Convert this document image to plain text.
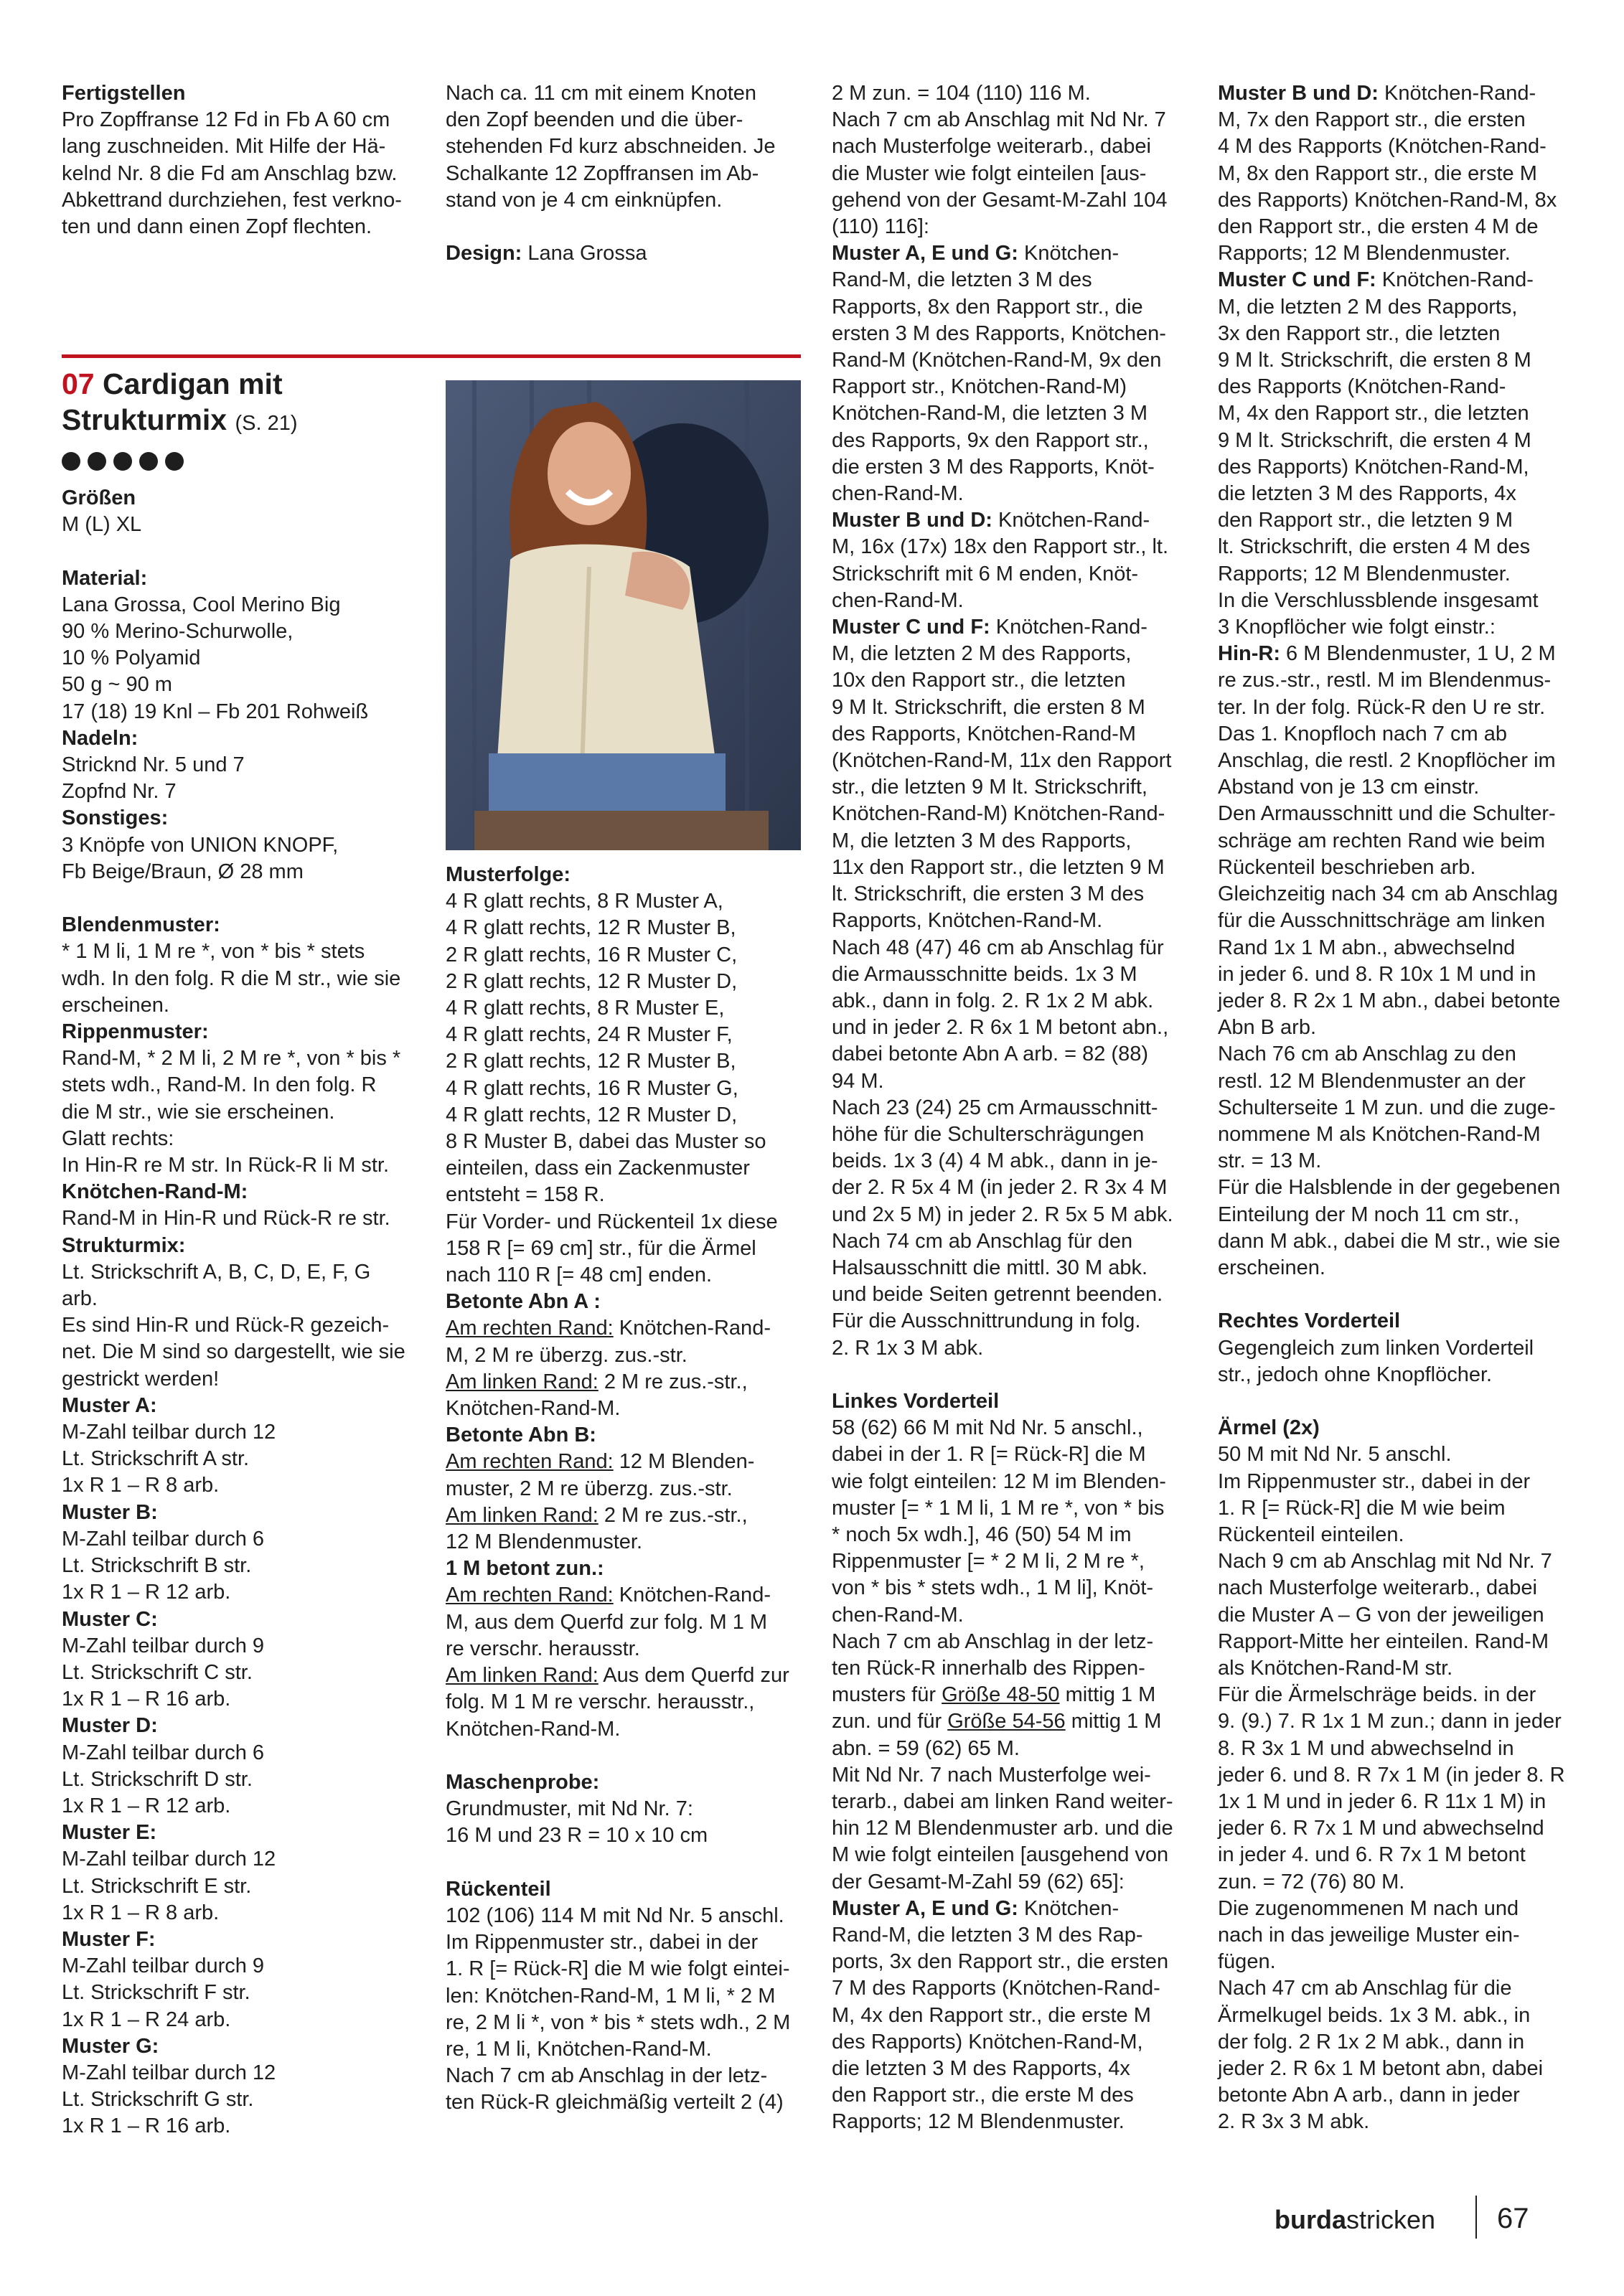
Fertigstellen

Pro Zopffranse 12 Fd in Fb A 60 cm
lang zuschneiden. Mit Hilfe der Hä-
kelnd Nr. 8 die Fd am Anschlag bzw.
Abkettrand durchziehen, fest verkno-
ten und dann einen Zopf flechten.

07 Cardigan mit Strukturmix (S. 21)

Größen

M (L) XL

Material:

Lana Grossa, Cool Merino Big
90 % Merino-Schurwolle,
10 % Polyamid
50 g ~ 90 m
17 (18) 19 Knl – Fb 201 Rohweiß

Nadeln:

Stricknd Nr. 5 und 7
Zopfnd Nr. 7

Sonstiges:

3 Knöpfe von UNION KNOPF,
Fb Beige/Braun, Ø 28 mm

Blendenmuster:

* 1 M li, 1 M re *, von * bis * stets
wdh. In den folg. R die M str., wie sie
erscheinen.

Rippenmuster:

Rand-M, * 2 M li, 2 M re *, von * bis *
stets wdh., Rand-M. In den folg. R
die M str., wie sie erscheinen.
Glatt rechts:
In Hin-R re M str. In Rück-R li M str.

Knötchen-Rand-M:

Rand-M in Hin-R und Rück-R re str.

Strukturmix:

Lt. Strickschrift A, B, C, D, E, F, G
arb.
Es sind Hin-R und Rück-R gezeich-
net. Die M sind so dargestellt, wie sie
gestrickt werden!

Muster A:

M-Zahl teilbar durch 12
Lt. Strickschrift A str.
1x R 1 – R 8 arb.

Muster B:

M-Zahl teilbar durch 6
Lt. Strickschrift B str.
1x R 1 – R 12 arb.

Muster C:

M-Zahl teilbar durch 9
Lt. Strickschrift C str.
1x R 1 – R 16 arb.

Muster D:

M-Zahl teilbar durch 6
Lt. Strickschrift D str.
1x R 1 – R 12 arb.

Muster E:

M-Zahl teilbar durch 12
Lt. Strickschrift E str.
1x R 1 – R 8 arb.

Muster F:

M-Zahl teilbar durch 9
Lt. Strickschrift F str.
1x R 1 – R 24 arb.

Muster G:

M-Zahl teilbar durch 12
Lt. Strickschrift G str.
1x R 1 – R 16 arb.

Nach ca. 11 cm mit einem Knoten
den Zopf beenden und die über-
stehenden Fd kurz abschneiden. Je
Schalkante 12 Zopffransen im Ab-
stand von je 4 cm einknüpfen.

Design: Lana Grossa

Musterfolge:

4 R glatt rechts, 8 R Muster A,
4 R glatt rechts, 12 R Muster B,
2 R glatt rechts, 16 R Muster C,
2 R glatt rechts, 12 R Muster D,
4 R glatt rechts, 8 R Muster E,
4 R glatt rechts, 24 R Muster F,
2 R glatt rechts, 12 R Muster B,
4 R glatt rechts, 16 R Muster G,
4 R glatt rechts, 12 R Muster D,
8 R Muster B, dabei das Muster so
einteilen, dass ein Zackenmuster
entsteht = 158 R.
Für Vorder- und Rückenteil 1x diese
158 R [= 69 cm] str., für die Ärmel
nach 110 R [= 48 cm] enden.

Betonte Abn A :

Am rechten Rand: Knötchen-Rand-
M, 2 M re überzg. zus.-str.
Am linken Rand: 2 M re zus.-str.,
Knötchen-Rand-M.

Betonte Abn B:

Am rechten Rand: 12 M Blenden-
muster, 2 M re überzg. zus.-str.
Am linken Rand: 2 M re zus.-str.,
12 M Blendenmuster.

1 M betont zun.:

Am rechten Rand: Knötchen-Rand-
M, aus dem Querfd zur folg. M 1 M
re verschr. herausstr.
Am linken Rand: Aus dem Querfd zur
folg. M 1 M re verschr. herausstr.,
Knötchen-Rand-M.

Maschenprobe:

Grundmuster, mit Nd Nr. 7:
16 M und 23 R = 10 x 10 cm

Rückenteil

102 (106) 114 M mit Nd Nr. 5 anschl.
Im Rippenmuster str., dabei in der
1. R [= Rück-R] die M wie folgt eintei-
len: Knötchen-Rand-M, 1 M li, * 2 M
re, 2 M li *, von * bis * stets wdh., 2 M
re, 1 M li, Knötchen-Rand-M.
Nach 7 cm ab Anschlag in der letz-
ten Rück-R gleichmäßig verteilt 2 (4)

2 M zun. = 104 (110) 116 M.
Nach 7 cm ab Anschlag mit Nd Nr. 7
nach Musterfolge weiterarb., dabei
die Muster wie folgt einteilen [aus-
gehend von der Gesamt-M-Zahl 104
(110) 116]:

Muster A, E und G: Knötchen-
Rand-M, die letzten 3 M des
Rapports, 8x den Rapport str., die
ersten 3 M des Rapports, Knötchen-
Rand-M (Knötchen-Rand-M, 9x den
Rapport str., Knötchen-Rand-M)
Knötchen-Rand-M, die letzten 3 M
des Rapports, 9x den Rapport str.,
die ersten 3 M des Rapports, Knöt-
chen-Rand-M.

Muster B und D: Knötchen-Rand-
M, 16x (17x) 18x den Rapport str., lt.
Strickschrift mit 6 M enden, Knöt-
chen-Rand-M.

Muster C und F: Knötchen-Rand-
M, die letzten 2 M des Rapports,
10x den Rapport str., die letzten
9 M lt. Strickschrift, die ersten 8 M
des Rapports, Knötchen-Rand-M
(Knötchen-Rand-M, 11x den Rapport
str., die letzten 9 M lt. Strickschrift,
Knötchen-Rand-M) Knötchen-Rand-
M, die letzten 3 M des Rapports,
11x den Rapport str., die letzten 9 M
lt. Strickschrift, die ersten 3 M des
Rapports, Knötchen-Rand-M.
Nach 48 (47) 46 cm ab Anschlag für
die Armausschnitte beids. 1x 3 M
abk., dann in folg. 2. R 1x 2 M abk.
und in jeder 2. R 6x 1 M betont abn.,
dabei betonte Abn A arb. = 82 (88)
94 M.
Nach 23 (24) 25 cm Armausschnitt-
höhe für die Schulterschrägungen
beids. 1x 3 (4) 4 M abk., dann in je-
der 2. R 5x 4 M (in jeder 2. R 3x 4 M
und 2x 5 M) in jeder 2. R 5x 5 M abk.
Nach 74 cm ab Anschlag für den
Halsausschnitt die mittl. 30 M abk.
und beide Seiten getrennt beenden.
Für die Ausschnittrundung in folg.
2. R 1x 3 M abk.

Linkes Vorderteil

58 (62) 66 M mit Nd Nr. 5 anschl.,
dabei in der 1. R [= Rück-R] die M
wie folgt einteilen: 12 M im Blenden-
muster [= * 1 M li, 1 M re *, von * bis
* noch 5x wdh.], 46 (50) 54 M im
Rippenmuster [= * 2 M li, 2 M re *,
von * bis * stets wdh., 1 M li], Knöt-
chen-Rand-M.
Nach 7 cm ab Anschlag in der letz-
ten Rück-R innerhalb des Rippen-
musters für Größe 48-50 mittig 1 M
zun. und für Größe 54-56 mittig 1 M
abn. = 59 (62) 65 M.
Mit Nd Nr. 7 nach Musterfolge wei-
terarb., dabei am linken Rand weiter-
hin 12 M Blendenmuster arb. und die
M wie folgt einteilen [ausgehend von
der Gesamt-M-Zahl 59 (62) 65]:

Muster A, E und G: Knötchen-
Rand-M, die letzten 3 M des Rap-
ports, 3x den Rapport str., die ersten
7 M des Rapports (Knötchen-Rand-
M, 4x den Rapport str., die erste M
des Rapports) Knötchen-Rand-M,
die letzten 3 M des Rapports, 4x
den Rapport str., die erste M des
Rapports; 12 M Blendenmuster.

Muster B und D: Knötchen-Rand-
M, 7x den Rapport str., die ersten
4 M des Rapports (Knötchen-Rand-
M, 8x den Rapport str., die erste M
des Rapports) Knötchen-Rand-M, 8x
den Rapport str., die ersten 4 M de
Rapports; 12 M Blendenmuster.

Muster C und F: Knötchen-Rand-
M, die letzten 2 M des Rapports,
3x den Rapport str., die letzten
9 M lt. Strickschrift, die ersten 8 M
des Rapports (Knötchen-Rand-
M, 4x den Rapport str., die letzten
9 M lt. Strickschrift, die ersten 4 M
des Rapports) Knötchen-Rand-M,
die letzten 3 M des Rapports, 4x
den Rapport str., die letzten 9 M
lt. Strickschrift, die ersten 4 M des
Rapports; 12 M Blendenmuster.
In die Verschlussblende insgesamt
3 Knopflöcher wie folgt einstr.:

Hin-R: 6 M Blendenmuster, 1 U, 2 M
re zus.-str., restl. M im Blendenmus-
ter. In der folg. Rück-R den U re str.
Das 1. Knopfloch nach 7 cm ab
Anschlag, die restl. 2 Knopflöcher im
Abstand von je 13 cm einstr.
Den Armausschnitt und die Schulter-
schräge am rechten Rand wie beim
Rückenteil beschrieben arb.
Gleichzeitig nach 34 cm ab Anschlag
für die Ausschnittschräge am linken
Rand 1x 1 M abn., abwechselnd
in jeder 6. und 8. R 10x 1 M und in
jeder 8. R 2x 1 M abn., dabei betonte
Abn B arb.
Nach 76 cm ab Anschlag zu den
restl. 12 M Blendenmuster an der
Schulterseite 1 M zun. und die zuge-
nommene M als Knötchen-Rand-M
str. = 13 M.
Für die Halsblende in der gegebenen
Einteilung der M noch 11 cm str.,
dann M abk., dabei die M str., wie sie
erscheinen.

Rechtes Vorderteil

Gegengleich zum linken Vorderteil
str., jedoch ohne Knopflöcher.

Ärmel (2x)

50 M mit Nd Nr. 5 anschl.
Im Rippenmuster str., dabei in der
1. R [= Rück-R] die M wie beim
Rückenteil einteilen.
Nach 9 cm ab Anschlag mit Nd Nr. 7
nach Musterfolge weiterarb., dabei
die Muster A – G von der jeweiligen
Rapport-Mitte her einteilen. Rand-M
als Knötchen-Rand-M str.
Für die Ärmelschräge beids. in der
9. (9.) 7. R 1x 1 M zun.; dann in jeder
8. R 3x 1 M und abwechselnd in
jeder 6. und 8. R 7x 1 M (in jeder 8. R
1x 1 M und in jeder 6. R 11x 1 M) in
jeder 6. R 7x 1 M und abwechselnd
in jeder 4. und 6. R 7x 1 M betont
zun. = 72 (76) 80 M.
Die zugenommenen M nach und
nach in das jeweilige Muster ein-
fügen.
Nach 47 cm ab Anschlag für die
Ärmelkugel beids. 1x 3 M. abk., in
der folg. 2 R 1x 2 M abk., dann in
jeder 2. R 6x 1 M betont abn, dabei
betonte Abn A arb., dann in jeder
2. R 3x 3 M abk.

burdastricken 67
